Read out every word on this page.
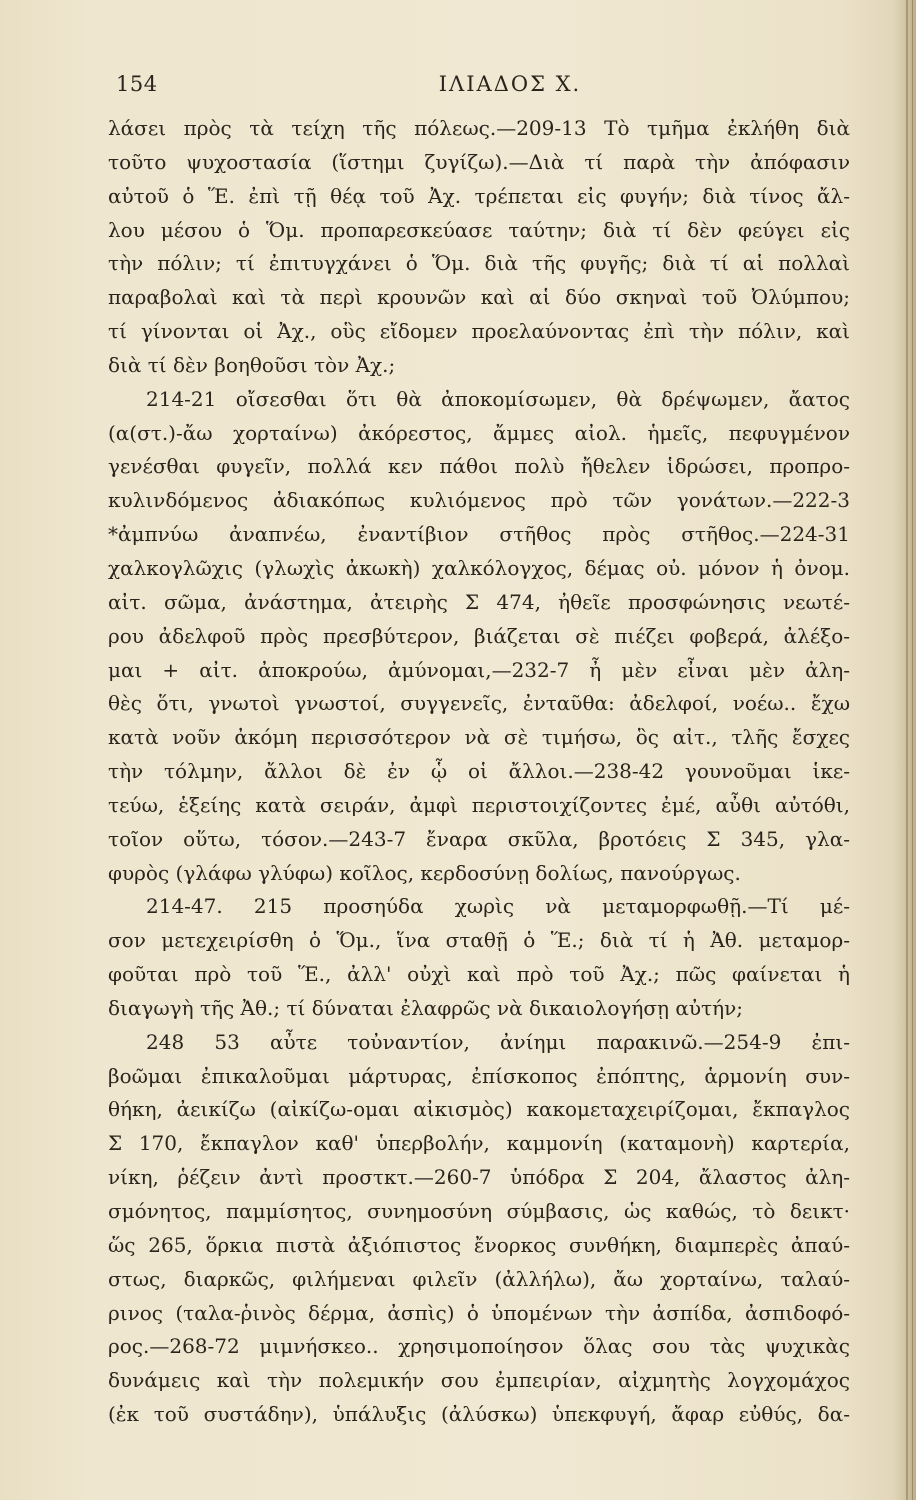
154	ΙΛΙΑΔΟΣ Χ.
λάσει πρὸς τὰ τείχη τῆς πόλεως.—209-13 Τὸ τμῆμα ἐκλήθη διὰ
τοῦτο ψυχοστασία (ἵστημι ζυγίζω).—Διὰ τί παρὰ τὴν ἀπόφασιν
αὐτοῦ ὁ Ἕ. ἐπὶ τῇ θέᾳ τοῦ Ἀχ. τρέπεται εἰς φυγήν; διὰ τίνος ἄλ-
λου μέσου ὁ Ὅμ. προπαρεσκεύασε ταύτην; διὰ τί δὲν φεύγει εἰς
τὴν πόλιν; τί ἐπιτυγχάνει ὁ Ὅμ. διὰ τῆς φυγῆς; διὰ τί αἱ πολλαὶ
παραβολαὶ καὶ τὰ περὶ κρουνῶν καὶ αἱ δύο σκηναὶ τοῦ Ὀλύμπου;
τί γίνονται οἱ Ἀχ., οὓς εἴδομεν προελαύνοντας ἐπὶ τὴν πόλιν, καὶ
διὰ τί δὲν βοηθοῦσι τὸν Ἀχ.;
214-21 οἴσεσθαι ὅτι θὰ ἀποκομίσωμεν, θὰ δρέψωμεν, ἄατος
(α(στ.)-ἄω χορταίνω) ἀκόρεστος, ἄμμες αἰολ. ἡμεῖς, πεφυγμένον
γενέσθαι φυγεῖν, πολλά κεν πάθοι πολὺ ἤθελεν ἱδρώσει, προπρο-
κυλινδόμενος ἀδιακόπως κυλιόμενος πρὸ τῶν γονάτων.—222-3
*ἀμπνύω ἀναπνέω, ἐναντίβιον στῆθος πρὸς στῆθος.—224-31
χαλκογλῶχις (γλωχὶς ἀκωκὴ) χαλκόλογχος, δέμας οὐ. μόνον ἡ ὀνομ.
αἰτ. σῶμα, ἀνάστημα, ἀτειρὴς Σ 474, ἠθεῖε προσφώνησις νεωτέ-
ρου ἀδελφοῦ πρὸς πρεσβύτερον, βιάζεται σὲ πιέζει φοβερά, ἀλέξο-
μαι + αἰτ. ἀποκρούω, ἀμύνομαι,—232-7 ἦ μὲν εἶναι μὲν ἀλη-
θὲς ὅτι, γνωτοὶ γνωστοί, συγγενεῖς, ἐνταῦθα: ἀδελφοί, νοέω.. ἔχω
κατὰ νοῦν ἀκόμη περισσότερον νὰ σὲ τιμήσω, ὃς αἰτ., τλῆς ἔσχες
τὴν τόλμην, ἄλλοι δὲ ἐν ᾧ οἱ ἄλλοι.—238-42 γουνοῦμαι ἱκε-
τεύω, ἑξείης κατὰ σειράν, ἀμφὶ περιστοιχίζοντες ἐμέ, αὖθι αὐτόθι,
τοῖον οὕτω, τόσον.—243-7 ἔναρα σκῦλα, βροτόεις Σ 345, γλα-
φυρὸς (γλάφω γλύφω) κοῖλος, κερδοσύνῃ δολίως, πανούργως.
214-47. 215 προσηύδα χωρὶς νὰ μεταμορφωθῇ.—Τί μέ-
σον μετεχειρίσθη ὁ Ὅμ., ἵνα σταθῇ ὁ Ἕ.; διὰ τί ἡ Ἀθ. μεταμορ-
φοῦται πρὸ τοῦ Ἕ., ἀλλ' οὐχὶ καὶ πρὸ τοῦ Ἀχ.; πῶς φαίνεται ἡ
διαγωγὴ τῆς Ἀθ.; τί δύναται ἐλαφρῶς νὰ δικαιολογήσῃ αὐτήν;
248 53 αὖτε τοὐναντίον, ἀνίημι παρακινῶ.—254-9 ἐπι-
βοῶμαι ἐπικαλοῦμαι μάρτυρας, ἐπίσκοπος ἐπόπτης, ἁρμονίη συν-
θήκη, ἀεικίζω (αἰκίζω-ομαι αἰκισμὸς) κακομεταχειρίζομαι, ἔκπαγλος
Σ 170, ἔκπαγλον καθ' ὑπερβολήν, καμμονίη (καταμονὴ) καρτερία,
νίκη, ῥέζειν ἀντὶ προστκτ.—260-7 ὑπόδρα Σ 204, ἄλαστος ἀλη-
σμόνητος, παμμίσητος, συνημοσύνη σύμβασις, ὡς καθώς, τὸ δεικτ·
ὥς 265, ὅρκια πιστὰ ἀξιόπιστος ἔνορκος συνθήκη, διαμπερὲς ἀπαύ-
στως, διαρκῶς, φιλήμεναι φιλεῖν (ἀλλήλω), ἄω χορταίνω, ταλαύ-
ρινος (ταλα-ῥινὸς δέρμα, ἀσπὶς) ὁ ὑπομένων τὴν ἀσπίδα, ἀσπιδοφό-
ρος.—268-72 μιμνήσκεο.. χρησιμοποίησον ὅλας σου τὰς ψυχικὰς
δυνάμεις καὶ τὴν πολεμικήν σου ἐμπειρίαν, αἰχμητὴς λογχομάχος
(ἐκ τοῦ συστάδην), ὑπάλυξις (ἀλύσκω) ὑπεκφυγή, ἄφαρ εὐθύς, δα-
